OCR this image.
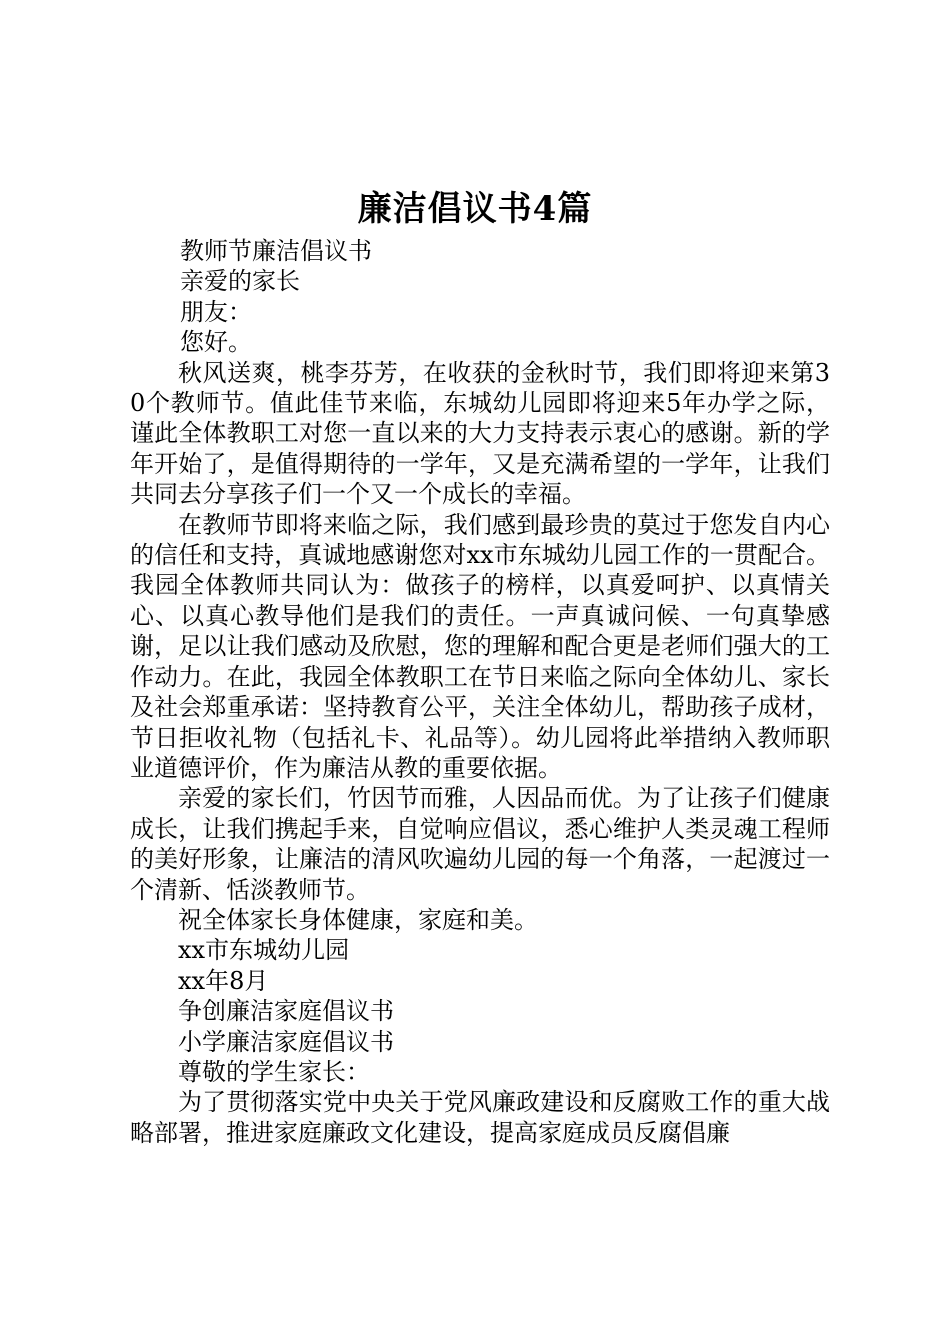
廉洁倡议书4篇

教师节廉洁倡议书

亲爱的家长

朋友：

您好。

秋风送爽，桃李芬芳，在收获的金秋时节，我们即将迎来第30个教师节。值此佳节来临，东城幼儿园即将迎来5年办学之际，谨此全体教职工对您一直以来的大力支持表示衷心的感谢。新的学年开始了，是值得期待的一学年，又是充满希望的一学年，让我们共同去分享孩子们一个又一个成长的幸福。

在教师节即将来临之际，我们感到最珍贵的莫过于您发自内心的信任和支持，真诚地感谢您对xx市东城幼儿园工作的一贯配合。我园全体教师共同认为：做孩子的榜样，以真爱呵护、以真情关心、以真心教导他们是我们的责任。一声真诚问候、一句真挚感谢，足以让我们感动及欣慰，您的理解和配合更是老师们强大的工作动力。在此，我园全体教职工在节日来临之际向全体幼儿、家长及社会郑重承诺：坚持教育公平，关注全体幼儿，帮助孩子成材，节日拒收礼物（包括礼卡、礼品等）。幼儿园将此举措纳入教师职业道德评价，作为廉洁从教的重要依据。

亲爱的家长们，竹因节而雅，人因品而优。为了让孩子们健康成长，让我们携起手来，自觉响应倡议，悉心维护人类灵魂工程师的美好形象，让廉洁的清风吹遍幼儿园的每一个角落，一起渡过一个清新、恬淡教师节。

祝全体家长身体健康，家庭和美。

xx市东城幼儿园

xx年8月

争创廉洁家庭倡议书

小学廉洁家庭倡议书

尊敬的学生家长：

为了贯彻落实党中央关于党风廉政建设和反腐败工作的重大战略部署，推进家庭廉政文化建设，提高家庭成员反腐倡廉
